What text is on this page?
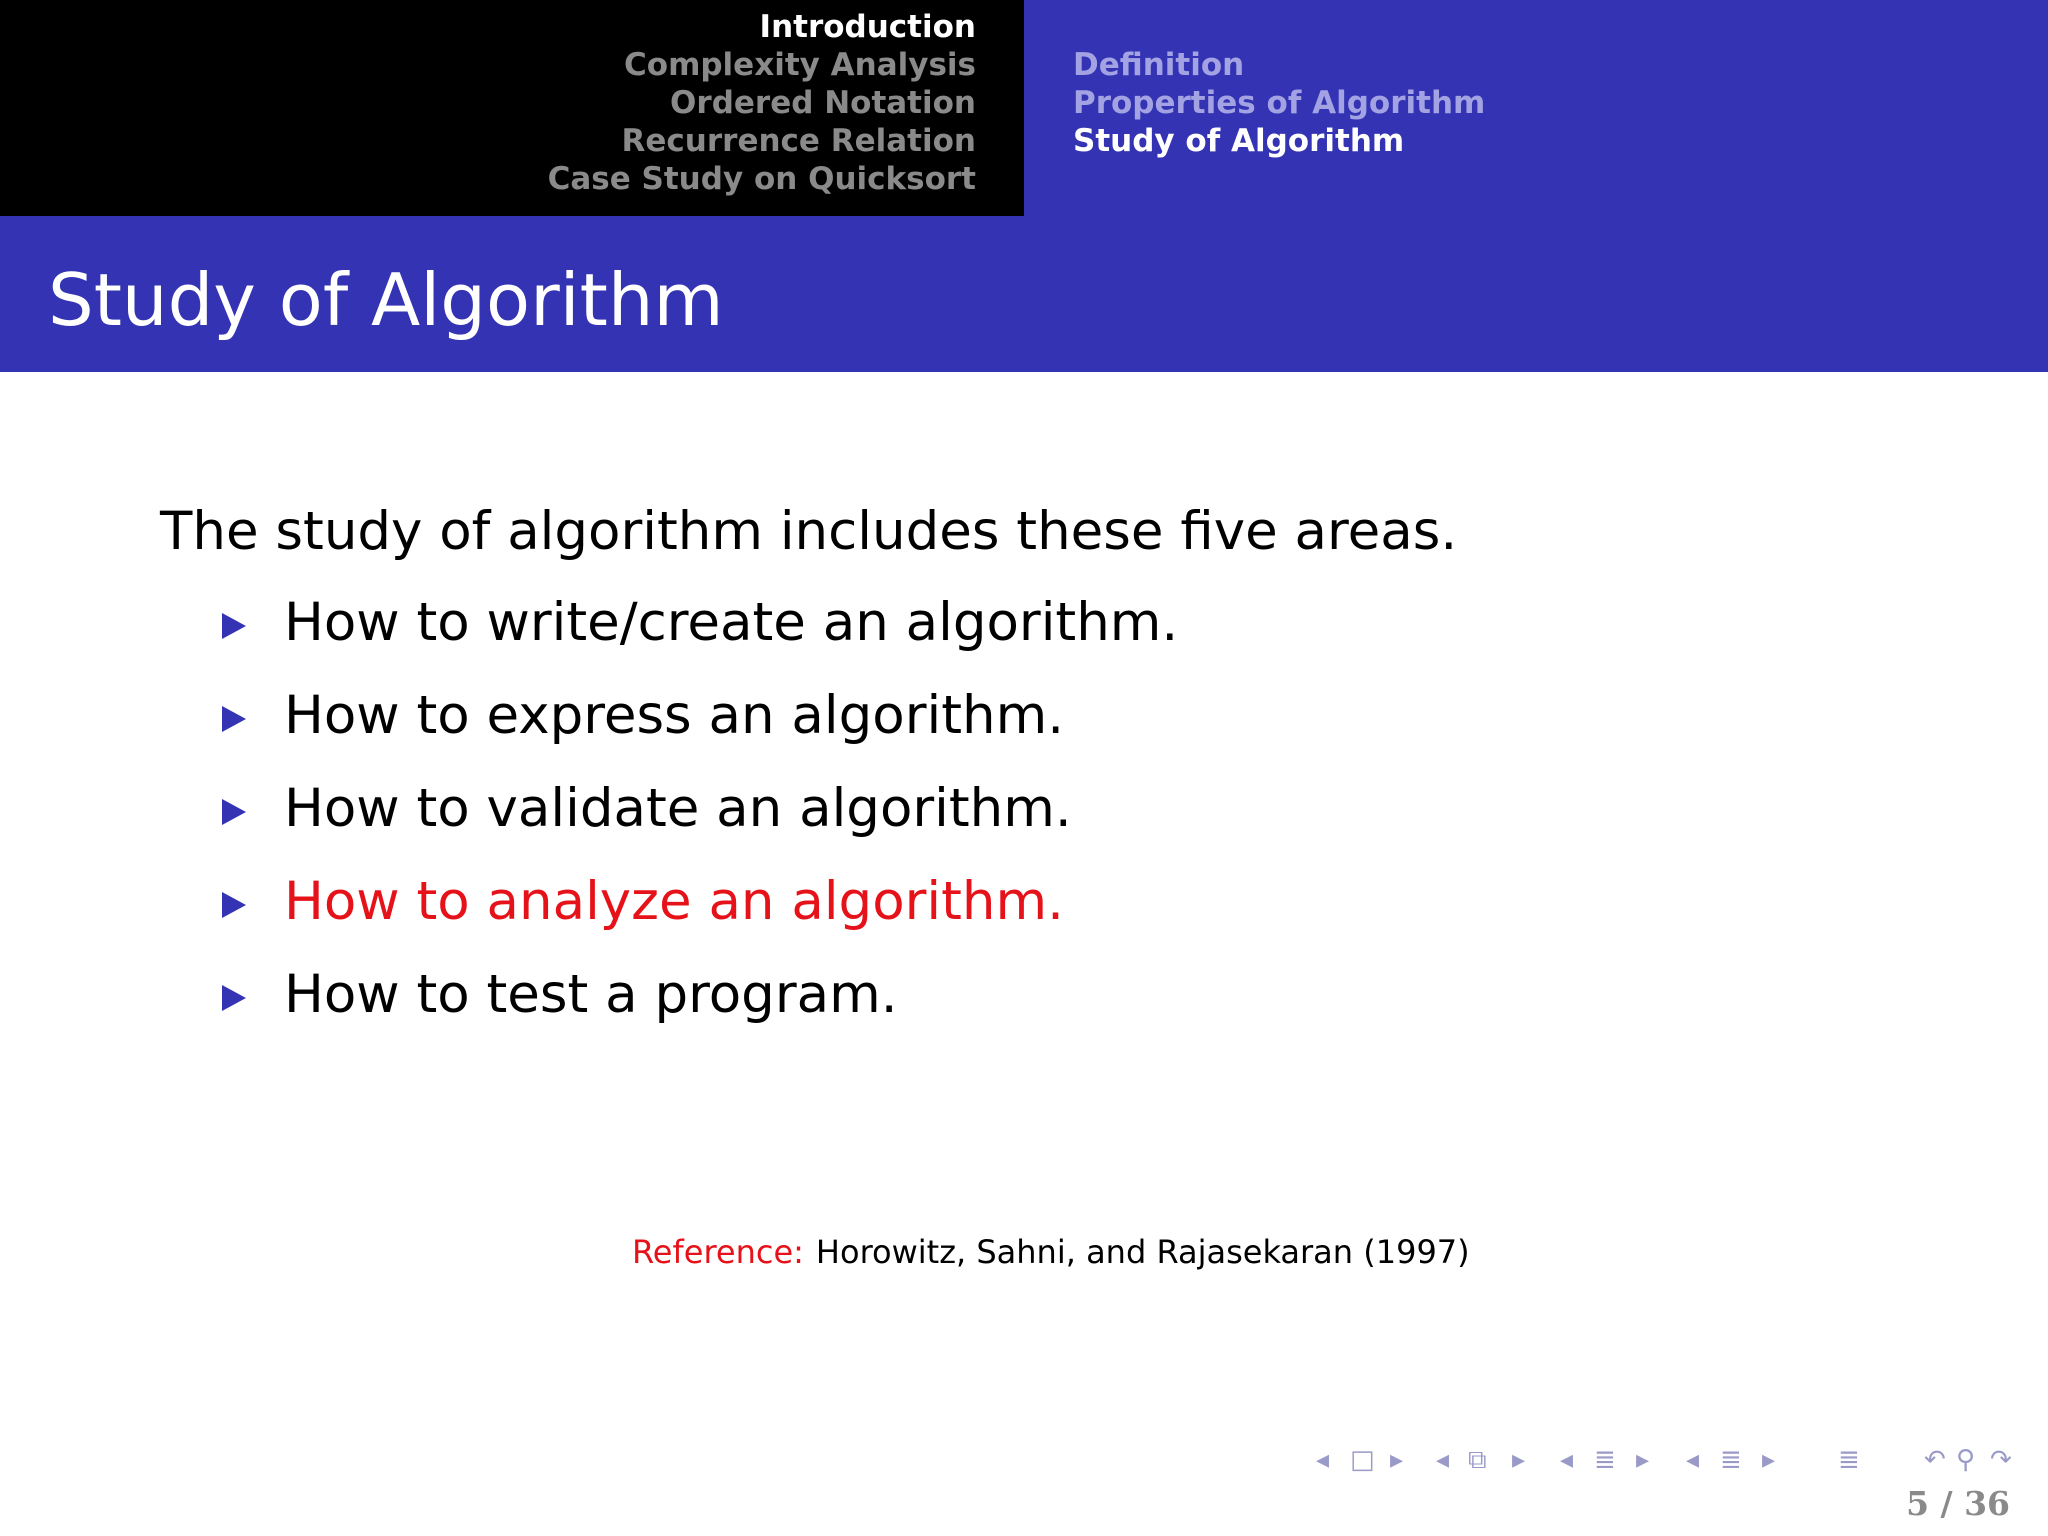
Introduction
Complexity Analysis
Ordered Notation
Recurrence Relation
Case Study on Quicksort
Definition
Properties of Algorithm
Study of Algorithm
Study of Algorithm
The study of algorithm includes these five areas.
How to write/create an algorithm.
How to express an algorithm.
How to validate an algorithm.
How to analyze an algorithm.
How to test a program.
Reference: Horowitz, Sahni, and Rajasekaran (1997)
◂ □ ▸ ◂ ⧉ ▸ ◂ ≣ ▸ ◂ ≣ ▸ ≣ ↶ ⚲ ↷
5 / 36
